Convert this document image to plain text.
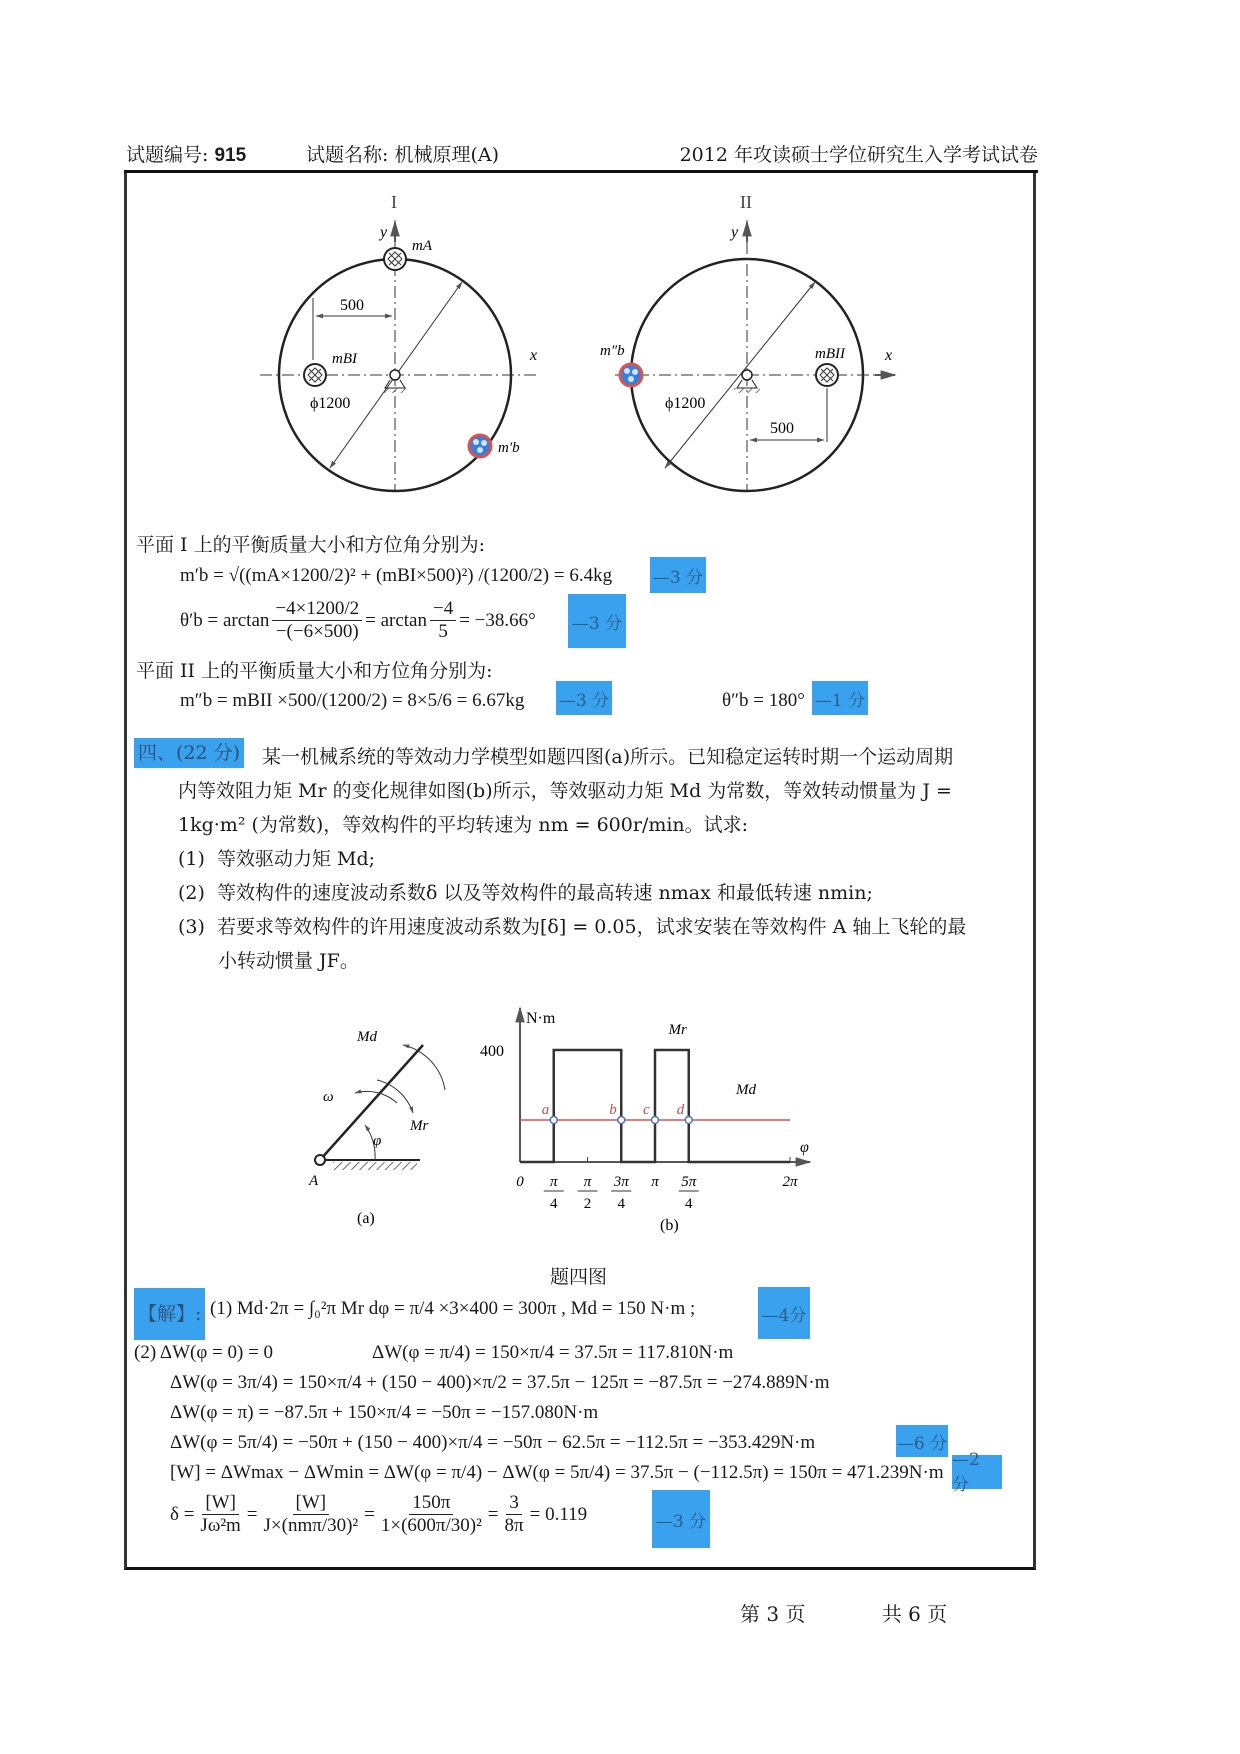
试题编号: 915	试题名称: 机械原理(A)	2012 年攻读硕士学位研究生入学考试试卷
I
y
x
mA
mBI
500
ϕ1200
m′b
II
y
x
m″b	mBII
500
ϕ1200
平面 I 上的平衡质量大小和方位角分别为:
m′b = √((mA×1200/2)² + (mBI×500)²) /(1200/2) = 6.4kg —3 分
$\theta'b = \arctan \frac{-4\times 1200/2}{-(-6\times 500)} = \arctan \frac{-4}{5} = -38.66^\circ$ —3 分
平面 II 上的平衡质量大小和方位角分别为:
m″b = mBII ×500/(1200/2) = 8×5/6 = 6.67kg —3 分	θ″b = 180° —1 分
四、(22 分) 某一机械系统的等效动力学模型如题四图(a)所示。已知稳定运转时期一个运动周期
内等效阻力矩 Mr 的变化规律如图(b)所示，等效驱动力矩 Md 为常数，等效转动惯量为 J =
1kg·m² (为常数)，等效构件的平均转速为 nm = 600r/min。试求:
(1) 等效驱动力矩 Md;
(2) 等效构件的速度波动系数δ 以及等效构件的最高转速 nmax 和最低转速 nmin;
(3) 若要求等效构件的许用速度波动系数为[δ] = 0.05，试求安装在等效构件 A 轴上飞轮的最
小转动惯量 JF。
Md
ω
Mr
φ
A
(a)
N·m
φ
400
Mr
Md
0 π
4
π
2
3π
4
π 5π
4
2π
a	b c d
(b)
题四图
【解】: (1) Md·2π = ∫₀²π Mr dφ = π/4 ×3×400 = 300π , Md = 150 N·m ;	—4分
(2) ΔW(φ = 0) = 0	ΔW(φ = π/4) = 150×π/4 = 37.5π = 117.810N·m
ΔW(φ = 3π/4) = 150×π/4 + (150 − 400)×π/2 = 37.5π − 125π = −87.5π = −274.889N·m
ΔW(φ = π) = −87.5π + 150×π/4 = −50π = −157.080N·m
ΔW(φ = 5π/4) = −50π + (150 − 400)×π/4 = −50π − 62.5π = −112.5π = −353.429N·m	—6 分
[W] = ΔWmax − ΔWmin = ΔW(φ = π/4) − ΔW(φ = 5π/4) = 37.5π − (−112.5π) = 150π = 471.239N·m
—2 分
$\delta = \frac{[W]}{\text{Jω²m}} = \frac{[W]}{\text{J×(nmπ/30)²}} = \frac{150\pi}{\text{1×(600π/30)²}} = \frac{3}{8\pi} = 0.119$	—3 分
第 3 页	共 6 页
